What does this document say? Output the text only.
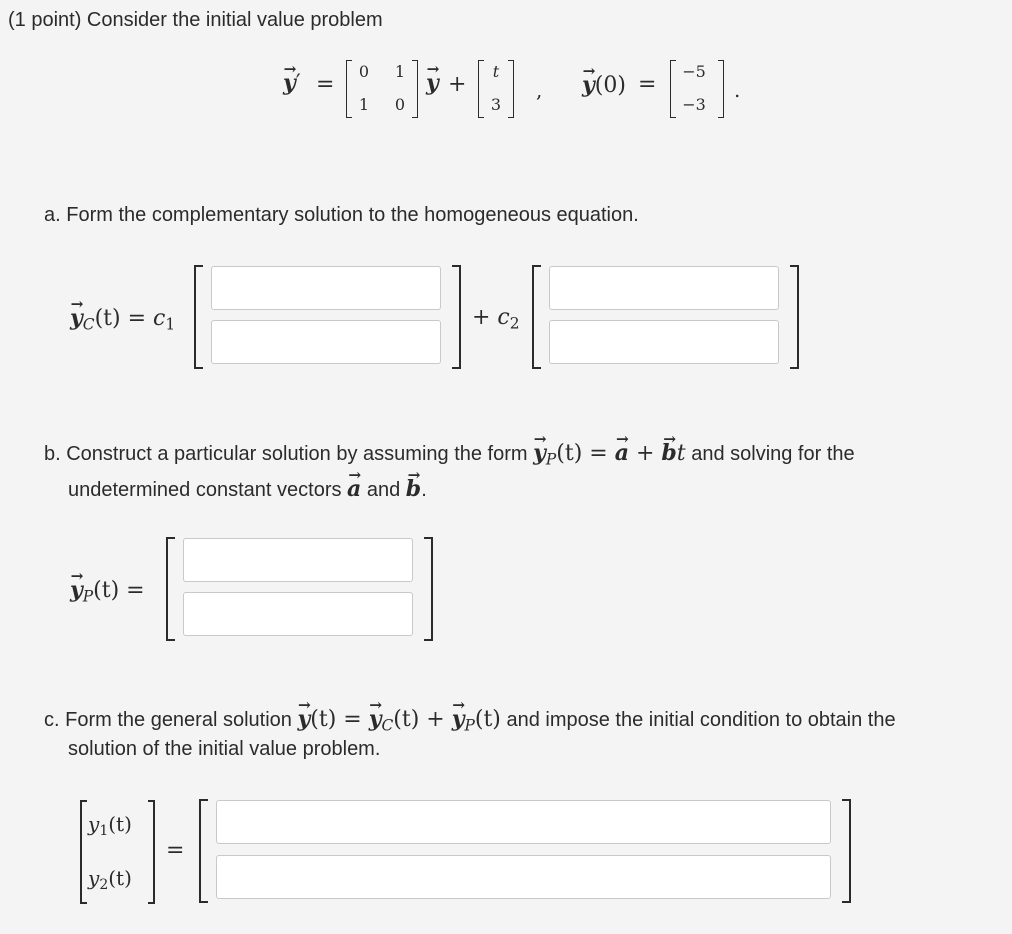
(1 point) Consider the initial value problem
→ y′ =
0	1
1	0
→ y +
t
3
,
→ y(0) =
−5
−3
.
a. Form the complementary solution to the homogeneous equation.
→ $y_C(t) = c_1$	+ $c_2$
b. Construct a particular solution by assuming the form → $y_P(t)$ = → a + → bt and solving for the
undetermined constant vectors → a and → b.
→ $y_P(t)$ =
c. Form the general solution → y(t) = → $y_C(t)$ + → $y_P(t)$ and impose the initial condition to obtain the
solution of the initial value problem.
$y_1(t)$
$y_2(t)$
=
